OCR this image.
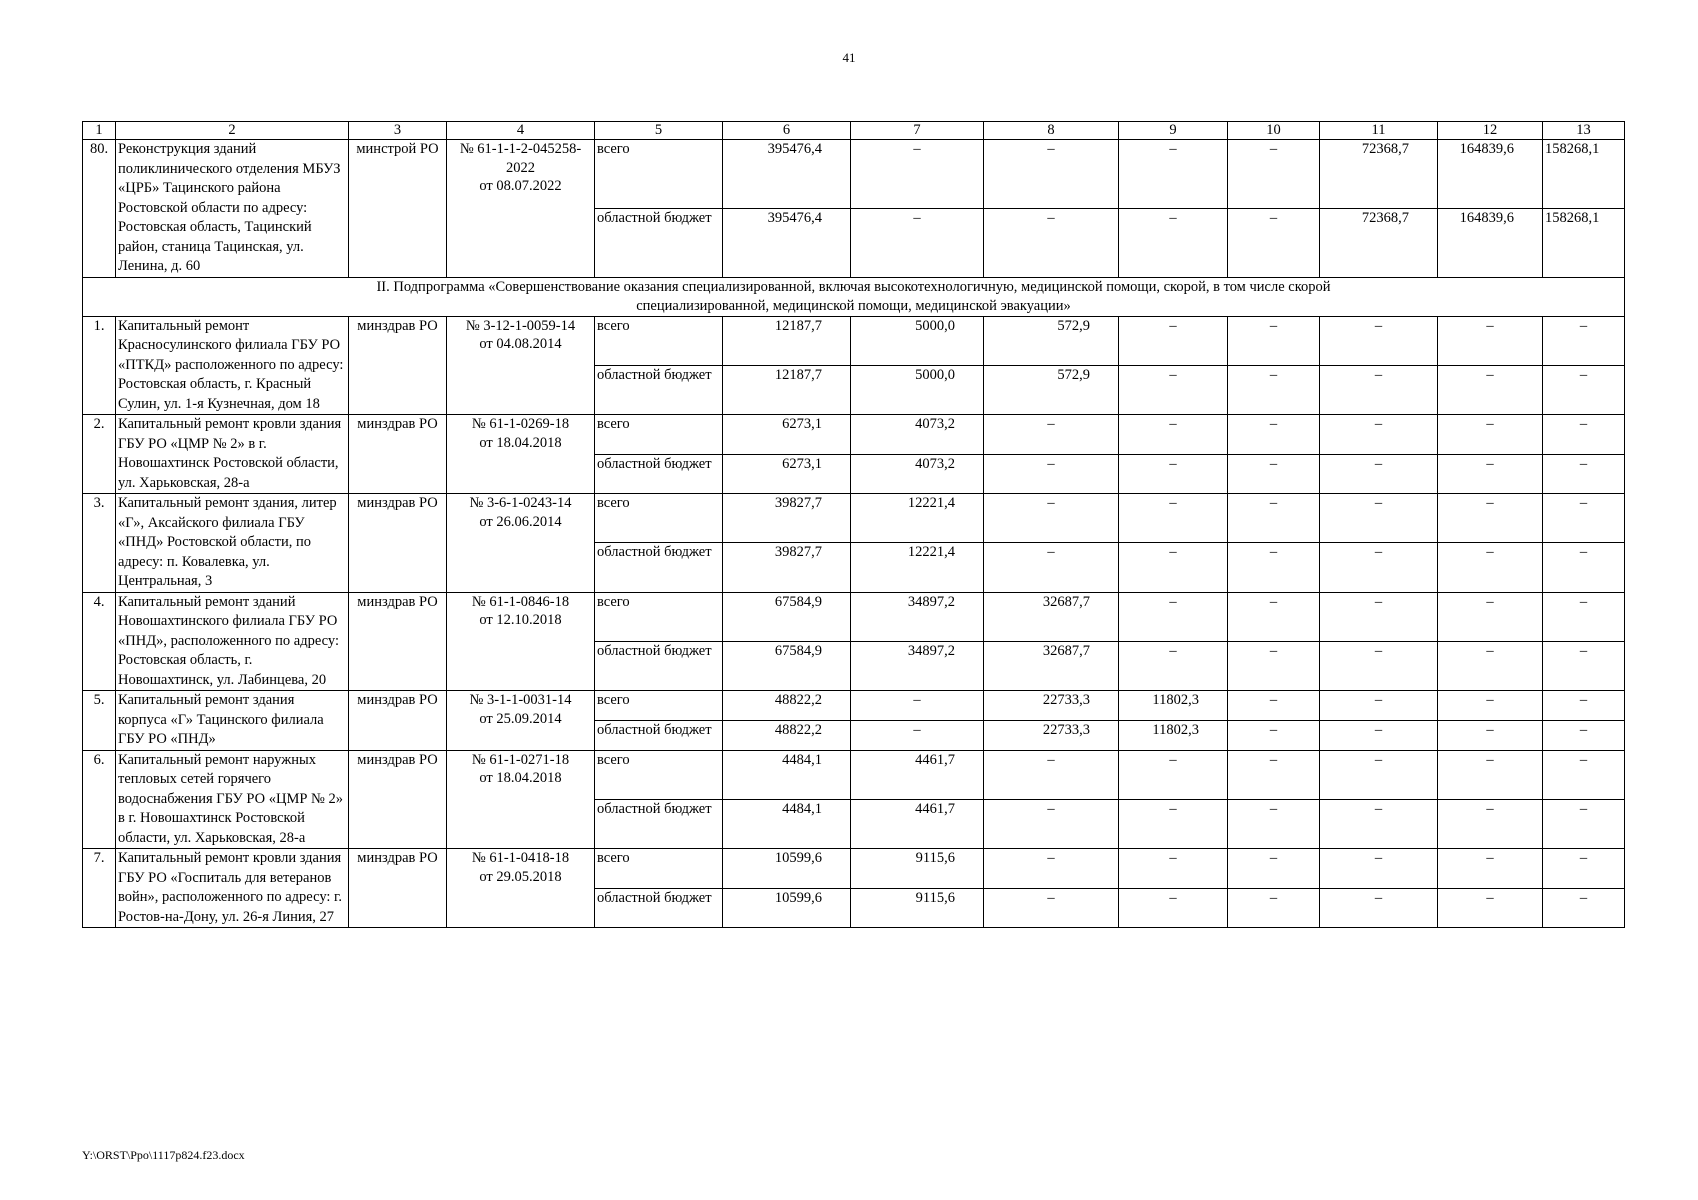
41
1	2	3	4	5	6	7	8	9	10	11	12	13
80.	Реконструкция зданий поликлинического отделения МБУЗ «ЦРБ» Тацинского района Ростовской области по адресу: Ростовская область, Тацинский район, станица Тацинская, ул. Ленина, д. 60	минстрой РО	№ 61-1-1-2-045258-2022
от 08.07.2022	всего	395476,4	–	–	–	–	72368,7	164839,6	158268,1
				областной бюджет	395476,4	–	–	–	–	72368,7	164839,6	158268,1
II. Подпрограмма «Совершенствование оказания специализированной, включая высокотехнологичную, медицинской помощи, скорой, в том числе скорой специализированной, медицинской помощи, медицинской эвакуации»												
1.	Капитальный ремонт Красносулинского филиала ГБУ РО «ПТКД» расположенного по адресу: Ростовская область, г. Красный Сулин, ул. 1-я Кузнечная, дом 18	минздрав РО	№ 3-12-1-0059-14
от 04.08.2014	всего	12187,7	5000,0	572,9	–	–	–	–	–
				областной бюджет	12187,7	5000,0	572,9	–	–	–	–	–
2.	Капитальный ремонт кровли здания ГБУ РО «ЦМР № 2» в г. Новошахтинск Ростовской области, ул. Харьковская, 28-а	минздрав РО	№ 61-1-0269-18
от 18.04.2018	всего	6273,1	4073,2	–	–	–	–	–	–
				областной бюджет	6273,1	4073,2	–	–	–	–	–	–
3.	Капитальный ремонт здания, литер «Г», Аксайского филиала ГБУ «ПНД» Ростовской области, по адресу: п. Ковалевка, ул. Центральная, 3	минздрав РО	№ 3-6-1-0243-14
от 26.06.2014	всего	39827,7	12221,4	–	–	–	–	–	–
				областной бюджет	39827,7	12221,4	–	–	–	–	–	–
4.	Капитальный ремонт зданий Новошахтинского филиала ГБУ РО «ПНД», расположенного по адресу: Ростовская область, г. Новошахтинск, ул. Лабинцева, 20	минздрав РО	№ 61-1-0846-18
от 12.10.2018	всего	67584,9	34897,2	32687,7	–	–	–	–	–
				областной бюджет	67584,9	34897,2	32687,7	–	–	–	–	–
5.	Капитальный ремонт здания корпуса «Г» Тацинского филиала ГБУ РО «ПНД»	минздрав РО	№ 3-1-1-0031-14
от 25.09.2014	всего	48822,2	–	22733,3	11802,3	–	–	–	–
				областной бюджет	48822,2	–	22733,3	11802,3	–	–	–	–
6.	Капитальный ремонт наружных тепловых сетей горячего водоснабжения ГБУ РО «ЦМР № 2» в г. Новошахтинск Ростовской области, ул. Харьковская, 28-а	минздрав РО	№ 61-1-0271-18
от 18.04.2018	всего	4484,1	4461,7	–	–	–	–	–	–
				областной бюджет	4484,1	4461,7	–	–	–	–	–	–
7.	Капитальный ремонт кровли здания ГБУ РО «Госпиталь для ветеранов войн», расположенного по адресу: г. Ростов-на-Дону, ул. 26-я Линия, 27	минздрав РО	№ 61-1-0418-18
от 29.05.2018	всего	10599,6	9115,6	–	–	–	–	–	–
				областной бюджет	10599,6	9115,6	–	–	–	–	–	–
Y:\ORST\Ppo\1117p824.f23.docx
